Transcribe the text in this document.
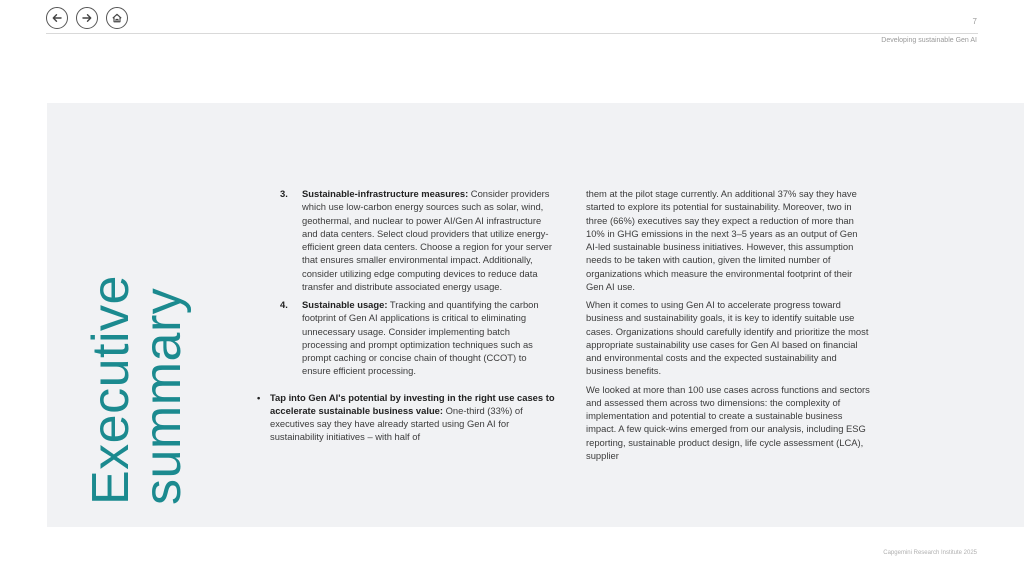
7
Developing sustainable Gen AI
Executive
summary
3.	Sustainable-infrastructure measures: Consider providers which use low-carbon energy sources such as solar, wind, geothermal, and nuclear to power AI/Gen AI infrastructure and data centers. Select cloud providers that utilize energy-efficient green data centers. Choose a region for your server that ensures smaller environmental impact. Additionally, consider utilizing edge computing devices to reduce data transfer and distribute associated energy usage.

4.	Sustainable usage: Tracking and quantifying the carbon footprint of Gen AI applications is critical to eliminating unnecessary usage. Consider implementing batch processing and prompt optimization techniques such as prompt caching or concise chain of thought (CCOT) to ensure efficient processing.

•	Tap into Gen AI's potential by investing in the right use cases to accelerate sustainable business value: One-third (33%) of executives say they have already started using Gen AI for sustainability initiatives – with half of

them at the pilot stage currently. An additional 37% say they have started to explore its potential for sustainability. Moreover, two in three (66%) executives say they expect a reduction of more than 10% in GHG emissions in the next 3–5 years as an output of Gen AI-led sustainable business initiatives. However, this assumption needs to be taken with caution, given the limited number of organizations which measure the environmental footprint of their Gen AI use.

When it comes to using Gen AI to accelerate progress toward business and sustainability goals, it is key to identify suitable use cases. Organizations should carefully identify and prioritize the most appropriate sustainability use cases for Gen AI based on financial and environmental costs and the expected sustainability and business benefits.

We looked at more than 100 use cases across functions and sectors and assessed them across two dimensions: the complexity of implementation and potential to create a sustainable business impact. A few quick-wins emerged from our analysis, including ESG reporting, sustainable product design, life cycle assessment (LCA), supplier

Capgemini Research Institute 2025
